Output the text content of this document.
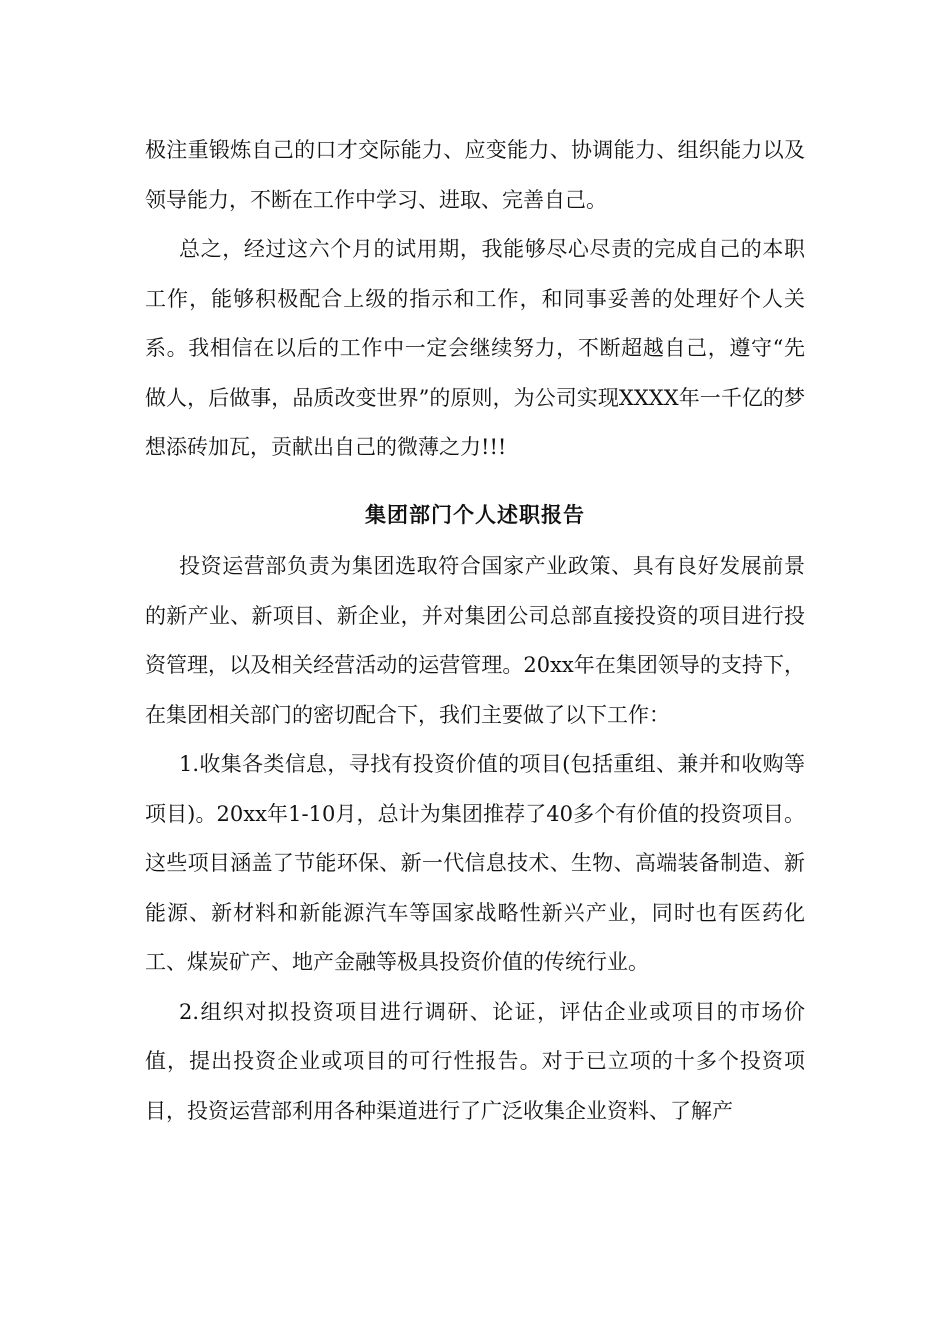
极注重锻炼自己的口才交际能力、应变能力、协调能力、组织能力以及领导能力，不断在工作中学习、进取、完善自己。

总之，经过这六个月的试用期，我能够尽心尽责的完成自己的本职工作，能够积极配合上级的指示和工作，和同事妥善的处理好个人关系。我相信在以后的工作中一定会继续努力，不断超越自己，遵守“先做人，后做事，品质改变世界”的原则，为公司实现XXXX年一千亿的梦想添砖加瓦，贡献出自己的微薄之力!!!

集团部门个人述职报告

投资运营部负责为集团选取符合国家产业政策、具有良好发展前景的新产业、新项目、新企业，并对集团公司总部直接投资的项目进行投资管理，以及相关经营活动的运营管理。20xx年在集团领导的支持下，在集团相关部门的密切配合下，我们主要做了以下工作：

1.收集各类信息，寻找有投资价值的项目(包括重组、兼并和收购等项目)。20xx年1-10月，总计为集团推荐了40多个有价值的投资项目。这些项目涵盖了节能环保、新一代信息技术、生物、高端装备制造、新能源、新材料和新能源汽车等国家战略性新兴产业，同时也有医药化工、煤炭矿产、地产金融等极具投资价值的传统行业。

2.组织对拟投资项目进行调研、论证，评估企业或项目的市场价值，提出投资企业或项目的可行性报告。对于已立项的十多个投资项目，投资运营部利用各种渠道进行了广泛收集企业资料、了解产
